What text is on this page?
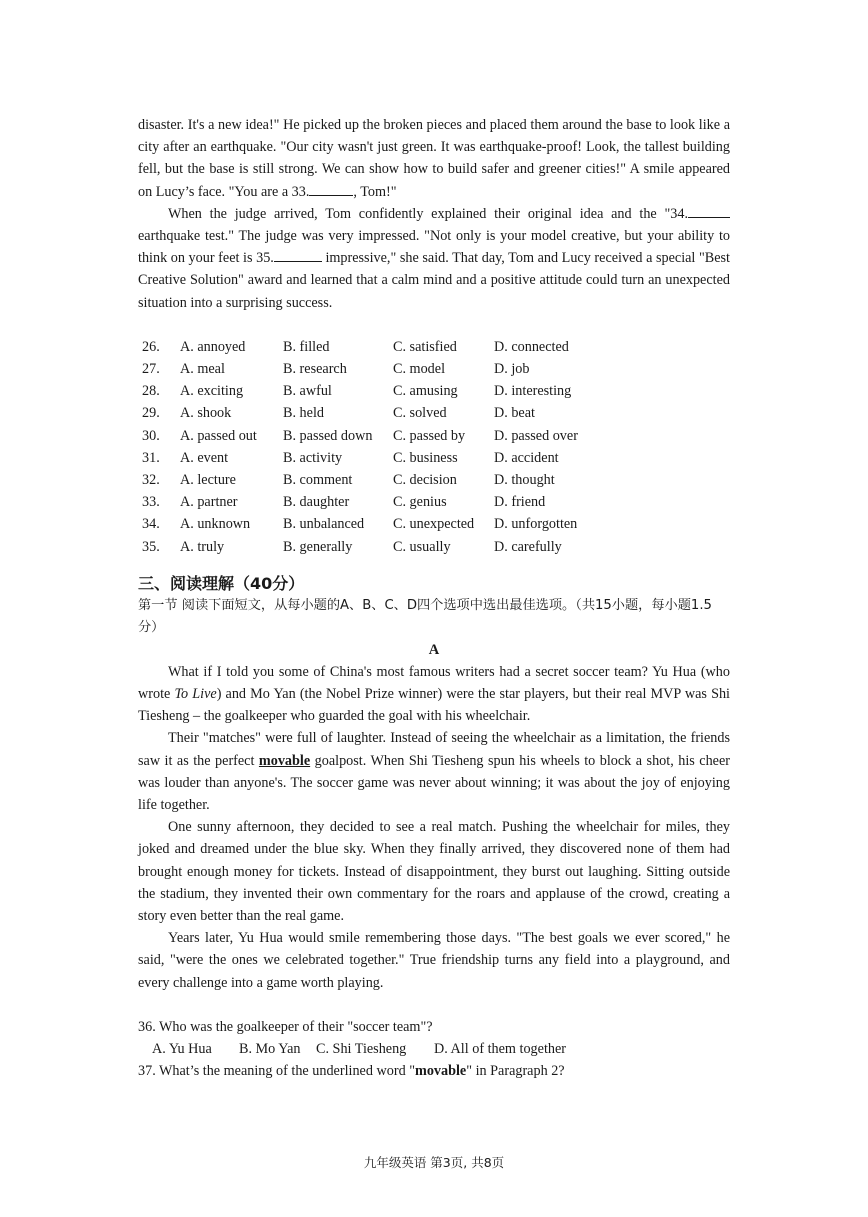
disaster. It's a new idea!" He picked up the broken pieces and placed them around the base to look like a city after an earthquake. "Our city wasn't just green. It was earthquake-proof! Look, the tallest building fell, but the base is still strong. We can show how to build safer and greener cities!" A smile appeared on Lucy’s face. "You are a 33.	, Tom!"

When the judge arrived, Tom confidently explained their original idea and the "34. earthquake test." The judge was very impressed. "Not only is your model creative, but your ability to think on your feet is 35.	impressive," she said. That day, Tom and Lucy received a special "Best Creative Solution" award and learned that a calm mind and a positive attitude could turn an unexpected situation into a surprising success.

26.	A. annoyed	B. filled	C. satisfied	D. connected
27.	A. meal	B. research	C. model	D. job
28.	A. exciting	B. awful	C. amusing	D. interesting
29.	A. shook	B. held	C. solved	D. beat
30.	A. passed out	B. passed down	C. passed by	D. passed over
31.	A. event	B. activity	C. business	D. accident
32.	A. lecture	B. comment	C. decision	D. thought
33.	A. partner	B. daughter	C. genius	D. friend
34.	A. unknown	B. unbalanced	C. unexpected	D. unforgotten
35.	A. truly	B. generally	C. usually	D. carefully
三、阅读理解（40分）

第一节 阅读下面短文，从每小题的A、B、C、D四个选项中选出最佳选项。（共15小题，每小题1.5分）

A

What if I told you some of China's most famous writers had a secret soccer team? Yu Hua (who wrote To Live) and Mo Yan (the Nobel Prize winner) were the star players, but their real MVP was Shi Tiesheng – the goalkeeper who guarded the goal with his wheelchair.

Their "matches" were full of laughter. Instead of seeing the wheelchair as a limitation, the friends saw it as the perfect movable goalpost. When Shi Tiesheng spun his wheels to block a shot, his cheer was louder than anyone's. The soccer game was never about winning; it was about the joy of enjoying life together.

One sunny afternoon, they decided to see a real match. Pushing the wheelchair for miles, they joked and dreamed under the blue sky. When they finally arrived, they discovered none of them had brought enough money for tickets. Instead of disappointment, they burst out laughing. Sitting outside the stadium, they invented their own commentary for the roars and applause of the crowd, creating a story even better than the real game.

Years later, Yu Hua would smile remembering those days. "The best goals we ever scored," he said, "were the ones we celebrated together." True friendship turns any field into a playground, and every challenge into a game worth playing.

36. Who was the goalkeeper of their "soccer team"?

A. Yu Hua	B. Mo Yan	C. Shi Tiesheng	D. All of them together

37. What’s the meaning of the underlined word "movable" in Paragraph 2?

九年级英语 第3页, 共8页
